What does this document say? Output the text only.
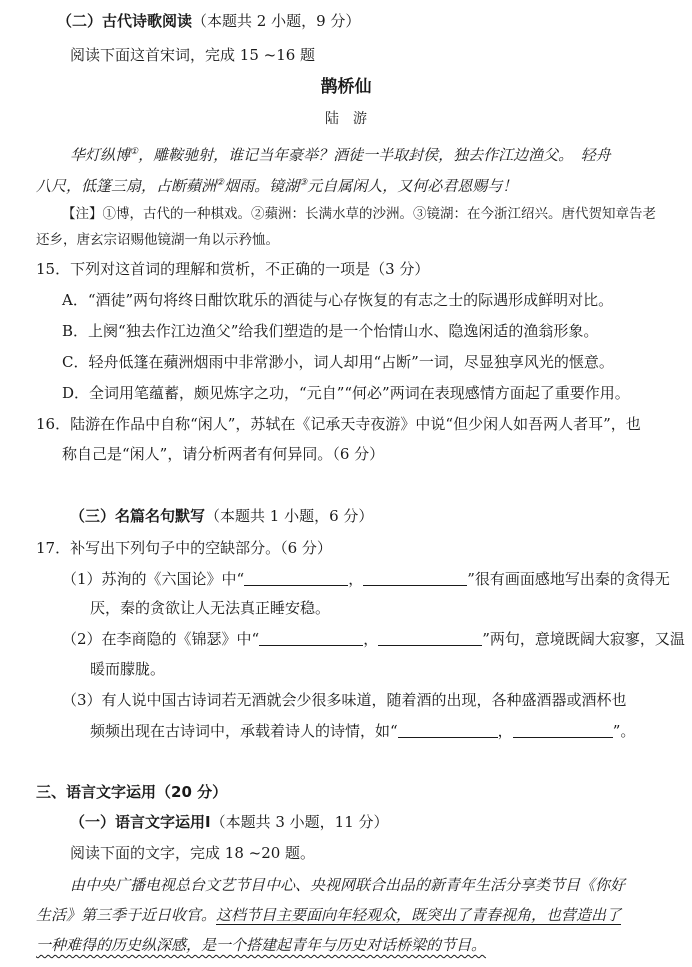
（二）古代诗歌阅读（本题共 2 小题，9 分）
阅读下面这首宋词，完成 15 ~16 题
鹊桥仙
陆　游
华灯纵博①，雕鞍驰射，谁记当年豪举？酒徒一半取封侯，独去作江边渔父。　轻舟
八尺，低篷三扇，占断蘋洲②烟雨。镜湖③元自属闲人，又何必君恩赐与！
【注】①博，古代的一种棋戏。②蘋洲：长满水草的沙洲。③镜湖：在今浙江绍兴。唐代贺知章告老
还乡，唐玄宗诏赐他镜湖一角以示矜恤。
15．下列对这首词的理解和赏析，不正确的一项是（3 分）
A．“酒徒”两句将终日酣饮耽乐的酒徒与心存恢复的有志之士的际遇形成鲜明对比。
B．上阕“独去作江边渔父”给我们塑造的是一个怡情山水、隐逸闲适的渔翁形象。
C．轻舟低篷在蘋洲烟雨中非常渺小，词人却用“占断”一词，尽显独享风光的惬意。
D．全词用笔蕴蓄，颇见炼字之功，“元自”“何必”两词在表现感情方面起了重要作用。
16．陆游在作品中自称“闲人”，苏轼在《记承天寺夜游》中说“但少闲人如吾两人者耳”，也
称自己是“闲人”，请分析两者有何异同。（6 分）
（三）名篇名句默写（本题共 1 小题，6 分）
17．补写出下列句子中的空缺部分。（6 分）
（1）苏洵的《六国论》中“	，	”很有画面感地写出秦的贪得无
厌，秦的贪欲让人无法真正睡安稳。
（2）在李商隐的《锦瑟》中“	，	”两句，意境既阔大寂寥，又温
暖而朦胧。
（3）有人说中国古诗词若无酒就会少很多味道，随着酒的出现，各种盛酒器或酒杯也
频频出现在古诗词中，承载着诗人的诗情，如“	，	”。
三、语言文字运用（20 分）
（一）语言文字运用Ⅰ（本题共 3 小题，11 分）
阅读下面的文字，完成 18 ~20 题。
由中央广播电视总台文艺节目中心、央视网联合出品的新青年生活分享类节目《你好
生活》第三季于近日收官。这档节目主要面向年轻观众，既突出了青春视角，也营造出了
一种难得的历史纵深感，是一个搭建起青年与历史对话桥梁的节目。
